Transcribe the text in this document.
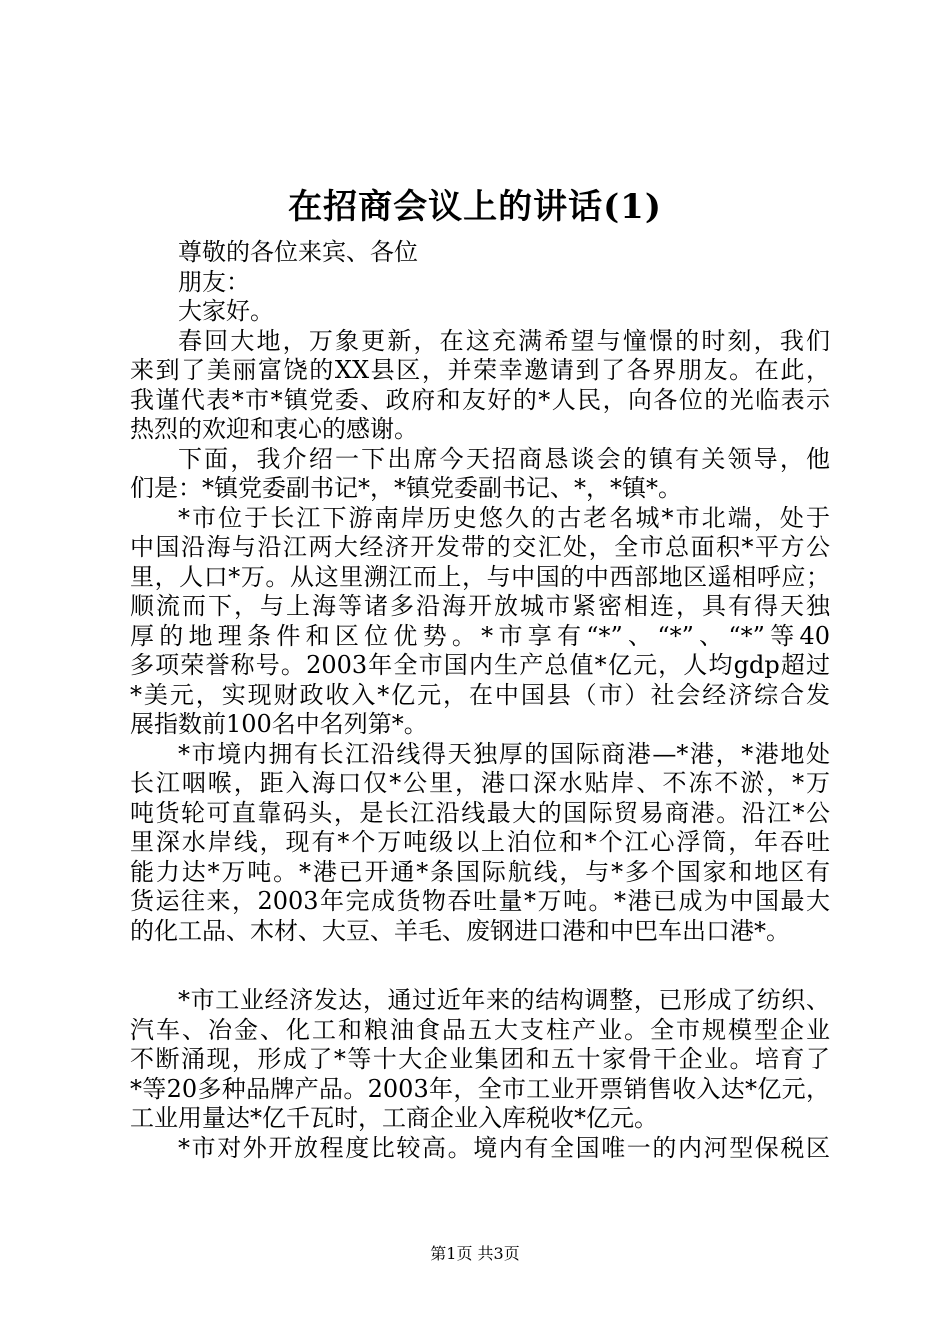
在招商会议上的讲话(1)
尊敬的各位来宾、各位
朋友：
大家好。
春回大地，万象更新，在这充满希望与憧憬的时刻，我们
来到了美丽富饶的XX县区，并荣幸邀请到了各界朋友。在此，
我谨代表*市*镇党委、政府和友好的*人民，向各位的光临表示
热烈的欢迎和衷心的感谢。
下面，我介绍一下出席今天招商恳谈会的镇有关领导，他
们是：*镇党委副书记*，*镇党委副书记、*，*镇*。
*市位于长江下游南岸历史悠久的古老名城*市北端，处于
中国沿海与沿江两大经济开发带的交汇处，全市总面积*平方公
里，人口*万。从这里溯江而上，与中国的中西部地区遥相呼应；
顺流而下，与上海等诸多沿海开放城市紧密相连，具有得天独
厚的地理条件和区位优势。*市享有“*”、“*”、“*”等40
多项荣誉称号。2003年全市国内生产总值*亿元，人均gdp超过
*美元，实现财政收入*亿元，在中国县（市）社会经济综合发
展指数前100名中名列第*。
*市境内拥有长江沿线得天独厚的国际商港—*港，*港地处
长江咽喉，距入海口仅*公里，港口深水贴岸、不冻不淤，*万
吨货轮可直靠码头，是长江沿线最大的国际贸易商港。沿江*公
里深水岸线，现有*个万吨级以上泊位和*个江心浮筒，年吞吐
能力达*万吨。*港已开通*条国际航线，与*多个国家和地区有
货运往来，2003年完成货物吞吐量*万吨。*港已成为中国最大
的化工品、木材、大豆、羊毛、废钢进口港和中巴车出口港*。
*市工业经济发达，通过近年来的结构调整，已形成了纺织、
汽车、冶金、化工和粮油食品五大支柱产业。全市规模型企业
不断涌现，形成了*等十大企业集团和五十家骨干企业。培育了
*等20多种品牌产品。2003年，全市工业开票销售收入达*亿元，
工业用量达*亿千瓦时，工商企业入库税收*亿元。
*市对外开放程度比较高。境内有全国唯一的内河型保税区
第1页 共3页
